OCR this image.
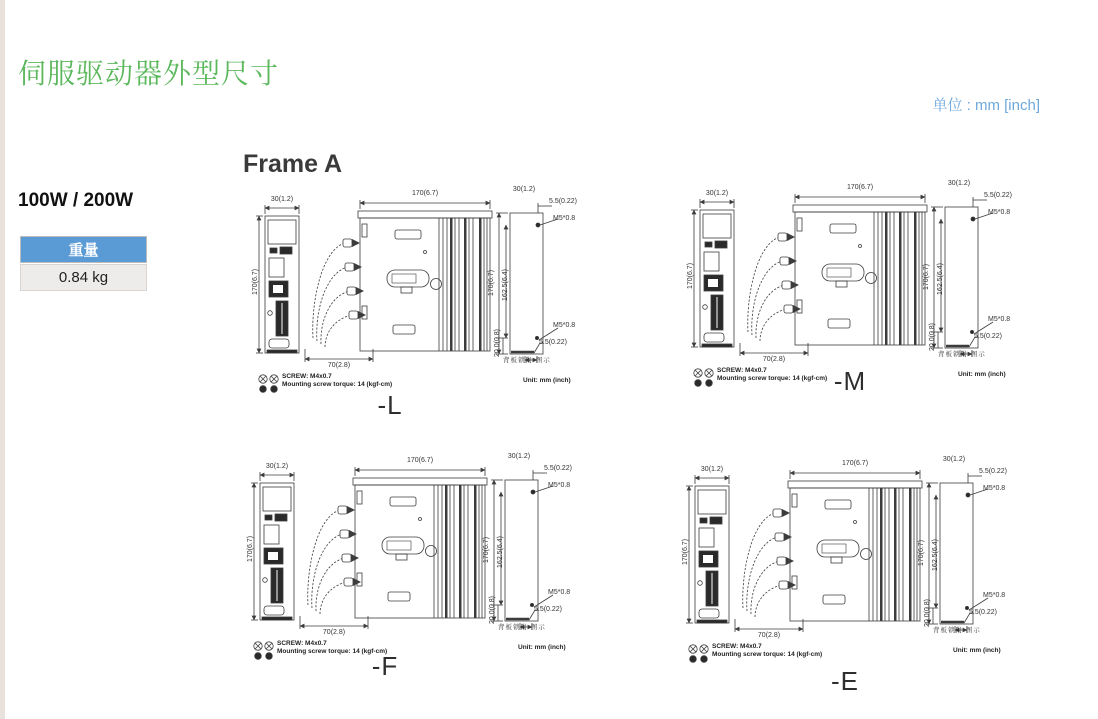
伺服驱动器外型尺寸
单位 : mm [inch]
Frame A
100W / 200W
重量
0.84 kg
30(1.2)
170(6.7)
170(6.7)
70(2.8)
30(1.2)
5.5(0.22)
M5*0.8
170(6.7) 162.5(6.4)
M5*0.8
5.5(0.22)
20.0(0.8)
背板锁附 图示
SCREW: M4x0.7
Mounting screw torque: 14 (kgf-cm)
Unit: mm (inch)
-L
30(1.2)
170(6.7)
170(6.7)
70(2.8)
30(1.2)
5.5(0.22)
M5*0.8
170(6.7) 162.5(6.4)
M5*0.8
5.5(0.22)
20.0(0.8)
背板锁附 图示
SCREW: M4x0.7
Mounting screw torque: 14 (kgf-cm)
Unit: mm (inch)
-M
30(1.2)
170(6.7)
170(6.7)
70(2.8)
30(1.2)
5.5(0.22)
M5*0.8
170(6.7) 162.5(6.4)
M5*0.8
5.5(0.22)
20.0(0.8)
背板锁附 图示
SCREW: M4x0.7
Mounting screw torque: 14 (kgf-cm)
Unit: mm (inch)
-F
30(1.2)
170(6.7)
170(6.7)
70(2.8)
30(1.2)
5.5(0.22)
M5*0.8
170(6.7) 162.5(6.4)
M5*0.8
5.5(0.22)
20.0(0.8)
背板锁附 图示
SCREW: M4x0.7
Mounting screw torque: 14 (kgf-cm)
Unit: mm (inch)
-E
